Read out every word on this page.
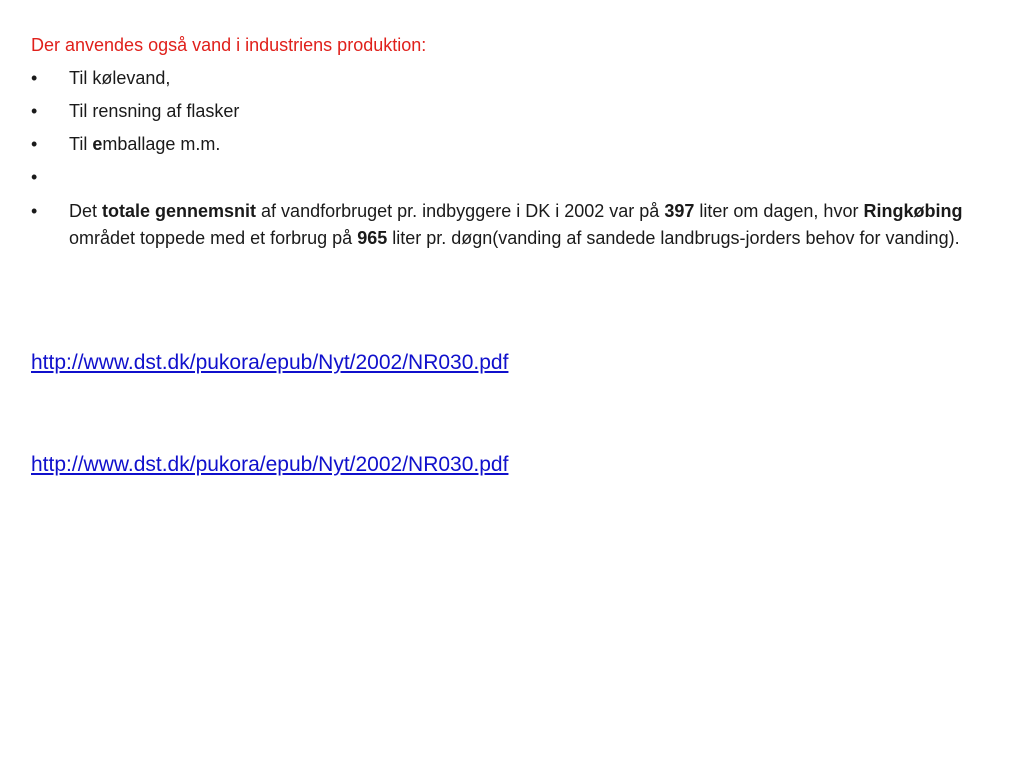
Der anvendes også vand i industriens produktion:
•	Til kølevand,
•	Til rensning af flasker
•	Til emballage m.m.
•
•	Det totale gennemsnit af vandforbruget pr. indbyggere i DK i 2002 var på 397 liter om dagen, hvor Ringkøbing området toppede med et forbrug på 965 liter pr. døgn(vanding af sandede landbrugs-jorders behov for vanding).
http://www.dst.dk/pukora/epub/Nyt/2002/NR030.pdf
http://www.dst.dk/pukora/epub/Nyt/2002/NR030.pdf
